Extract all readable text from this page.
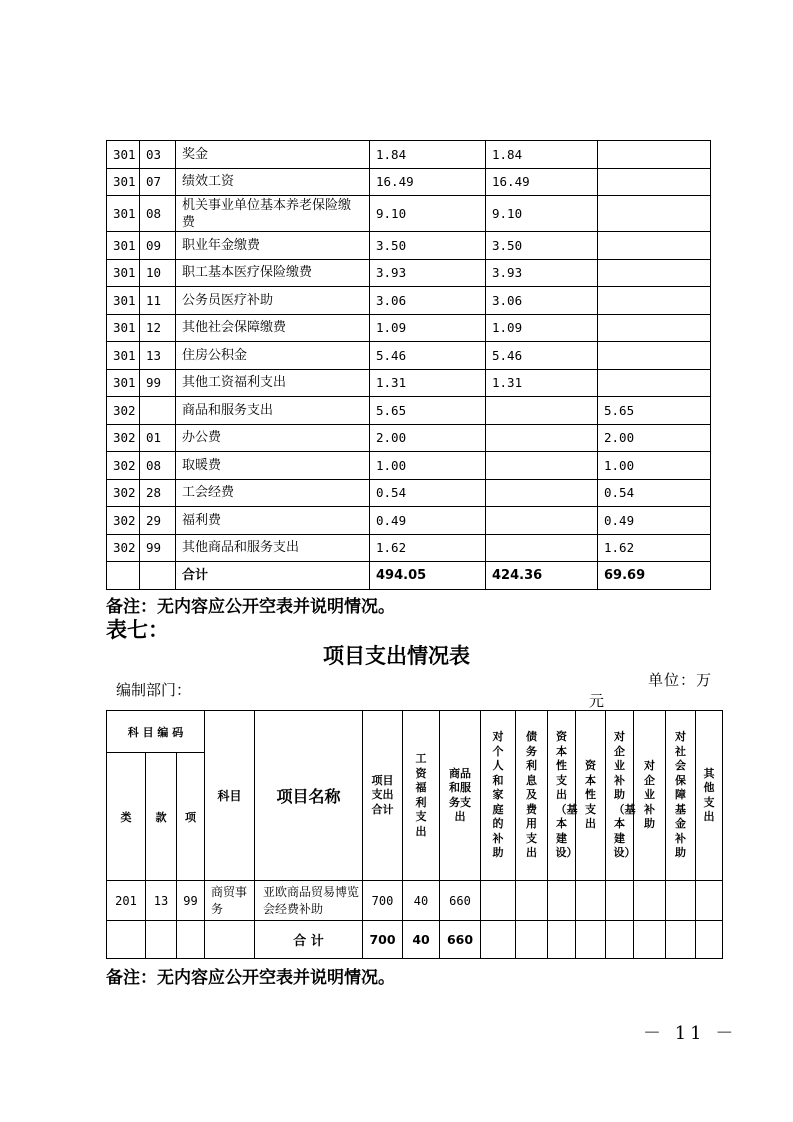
301	03	奖金	1.84	1.84	
301	07	绩效工资	16.49	16.49	
301	08	机关事业单位基本养老保险缴费	9.10	9.10	
301	09	职业年金缴费	3.50	3.50	
301	10	职工基本医疗保险缴费	3.93	3.93	
301	11	公务员医疗补助	3.06	3.06	
301	12	其他社会保障缴费	1.09	1.09	
301	13	住房公积金	5.46	5.46	
301	99	其他工资福利支出	1.31	1.31	
302		商品和服务支出	5.65		5.65
302	01	办公费	2.00		2.00
302	08	取暖费	1.00		1.00
302	28	工会经费	0.54		0.54
302	29	福利费	0.49		0.49
302	99	其他商品和服务支出	1.62		1.62
		合计	494.05	424.36	69.69
备注：无内容应公开空表并说明情况。
表七：
项目支出情况表
编制部门：
单位：万
元
科 目 编 码			科目	项目名称	项目支出合计	工资福利支出	商品和服务支出	对个人和家庭的补助	债务利息及费用支出	资本性支出（基本建设）	资本性支出	对企业补助（基本建设）	对企业补助	对社会保障基金补助	其他支出
类	款	项													
201	13	99	商贸事务	亚欧商品贸易博览会经费补助	700	40	660								
				合 计	700	40	660								
备注：无内容应公开空表并说明情况。
－ 11 －
